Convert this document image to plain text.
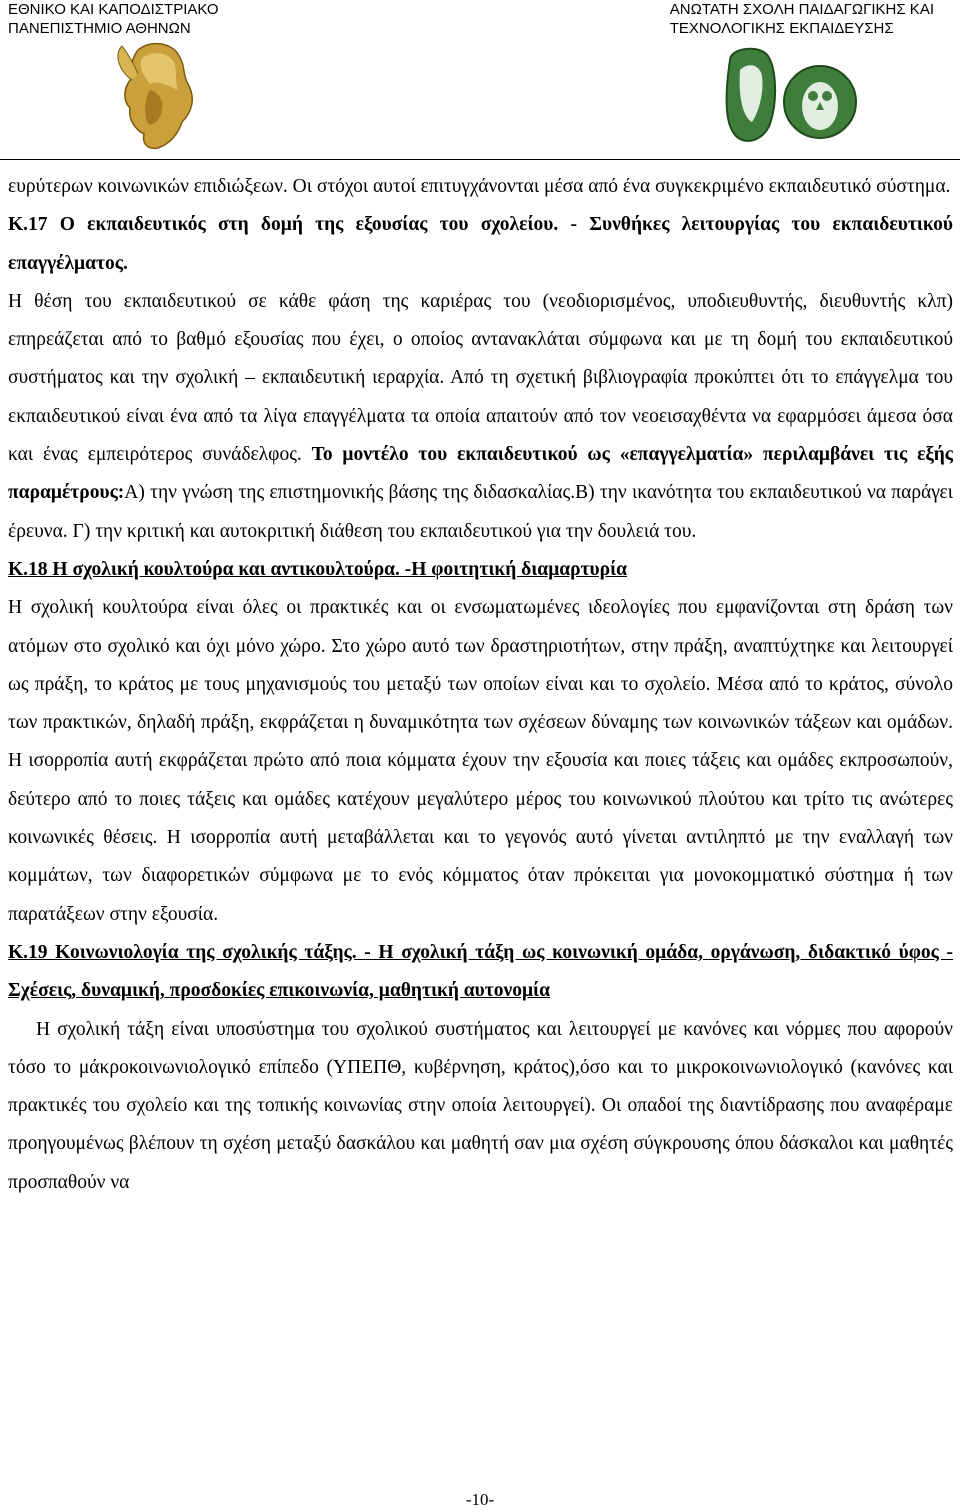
ΕΘΝΙΚΟ ΚΑΙ ΚΑΠΟΔΙΣΤΡΙΑΚΟ
ΠΑΝΕΠΙΣΤΗΜΙΟ ΑΘΗΝΩΝ
ΑΝΩΤΑΤΗ ΣΧΟΛΗ ΠΑΙΔΑΓΩΓΙΚΗΣ ΚΑΙ
ΤΕΧΝΟΛΟΓΙΚΗΣ ΕΚΠΑΙΔΕΥΣΗΣ

ευρύτερων κοινωνικών επιδιώξεων. Οι στόχοι αυτοί επιτυγχάνονται μέσα από ένα συγκεκριμένο εκπαιδευτικό σύστημα.

Κ.17 Ο εκπαιδευτικός στη δομή της εξουσίας του σχολείου. - Συνθήκες λειτουργίας του εκπαιδευτικού επαγγέλματος.

Η θέση του εκπαιδευτικού σε κάθε φάση της καριέρας του (νεοδιορισμένος, υποδιευθυντής, διευθυντής κλπ) επηρεάζεται από το βαθμό εξουσίας που έχει, ο οποίος αντανακλάται σύμφωνα και με τη δομή του εκπαιδευτικού συστήματος και την σχολική – εκπαιδευτική ιεραρχία. Από τη σχετική βιβλιογραφία προκύπτει ότι το επάγγελμα του εκπαιδευτικού είναι ένα από τα λίγα επαγγέλματα τα οποία απαιτούν από τον νεοεισαχθέντα να εφαρμόσει άμεσα όσα και ένας εμπειρότερος συνάδελφος. Το μοντέλο του εκπαιδευτικού ως «επαγγελματία» περιλαμβάνει τις εξής παραμέτρους:Α) την γνώση της επιστημονικής βάσης της διδασκαλίας.Β) την ικανότητα του εκπαιδευτικού να παράγει έρευνα. Γ) την κριτική και αυτοκριτική διάθεση του εκπαιδευτικού για την δουλειά του.

Κ.18 Η σχολική κουλτούρα και αντικουλτούρα. -Η φοιτητική διαμαρτυρία

Η σχολική κουλτούρα είναι όλες οι πρακτικές και οι ενσωματωμένες ιδεολογίες που εμφανίζονται στη δράση των ατόμων στο σχολικό και όχι μόνο χώρο. Στο χώρο αυτό των δραστηριοτήτων, στην πράξη, αναπτύχτηκε και λειτουργεί ως πράξη, το κράτος με τους μηχανισμούς του μεταξύ των οποίων είναι και το σχολείο. Μέσα από το κράτος, σύνολο των πρακτικών, δηλαδή πράξη, εκφράζεται η δυναμικότητα των σχέσεων δύναμης των κοινωνικών τάξεων και ομάδων. Η ισορροπία αυτή εκφράζεται πρώτο από ποια κόμματα έχουν την εξουσία και ποιες τάξεις και ομάδες εκπροσωπούν, δεύτερο από το ποιες τάξεις και ομάδες κατέχουν μεγαλύτερο μέρος του κοινωνικού πλούτου και τρίτο τις ανώτερες κοινωνικές θέσεις. Η ισορροπία αυτή μεταβάλλεται και το γεγονός αυτό γίνεται αντιληπτό με την εναλλαγή των κομμάτων, των διαφορετικών σύμφωνα με το ενός κόμματος όταν πρόκειται για μονοκομματικό σύστημα ή των παρατάξεων στην εξουσία.

Κ.19 Κοινωνιολογία της σχολικής τάξης. - Η σχολική τάξη ως κοινωνική ομάδα, οργάνωση, διδακτικό ύφος - Σχέσεις, δυναμική, προσδοκίες επικοινωνία, μαθητική αυτονομία

Η σχολική τάξη είναι υποσύστημα του σχολικού συστήματος και λειτουργεί με κανόνες και νόρμες που αφορούν τόσο το μάκροκοινωνιολογικό επίπεδο (ΥΠΕΠΘ, κυβέρνηση, κράτος),όσο και το μικροκοινωνιολογικό (κανόνες και πρακτικές του σχολείο και της τοπικής κοινωνίας στην οποία λειτουργεί). Οι οπαδοί της διαντίδρασης που αναφέραμε προηγουμένως βλέπουν τη σχέση μεταξύ δασκάλου και μαθητή σαν μια σχέση σύγκρουσης όπου δάσκαλοι και μαθητές προσπαθούν να

-10-
